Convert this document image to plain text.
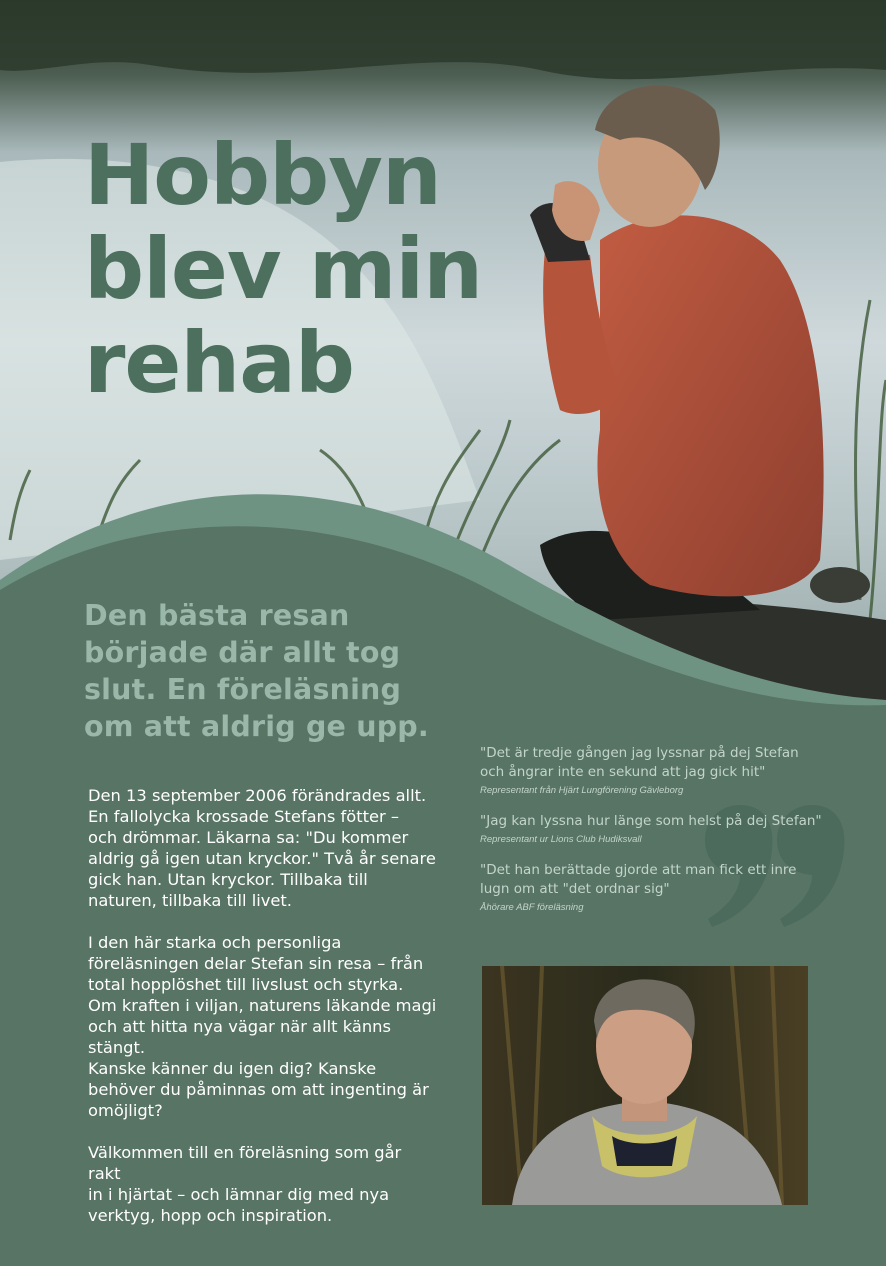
Hobbyn
blev min
rehab
Den bästa resan
började där allt tog
slut. En föreläsning
om att aldrig ge upp.

Den 13 september 2006 förändrades allt.
En fallolycka krossade Stefans fötter –
och drömmar. Läkarna sa: "Du kommer
aldrig gå igen utan kryckor." Två år senare
gick han. Utan kryckor. Tillbaka till
naturen, tillbaka till livet.

I den här starka och personliga
föreläsningen delar Stefan sin resa – från
total hopplöshet till livslust och styrka.
Om kraften i viljan, naturens läkande magi
och att hitta nya vägar när allt känns
stängt.
Kanske känner du igen dig? Kanske
behöver du påminnas om att ingenting är
omöjligt?

Välkommen till en föreläsning som går rakt
in i hjärtat – och lämnar dig med nya
verktyg, hopp och inspiration.

"Det är tredje gången jag lyssnar på dej Stefan
och ångrar inte en sekund att jag gick hit"
Representant från Hjärt Lungförening Gävleborg
"Jag kan lyssna hur länge som helst på dej Stefan"
Representant ur Lions Club Hudiksvall
"Det han berättade gjorde att man fick ett inre
lugn om att "det ordnar sig"
Åhörare ABF föreläsning
